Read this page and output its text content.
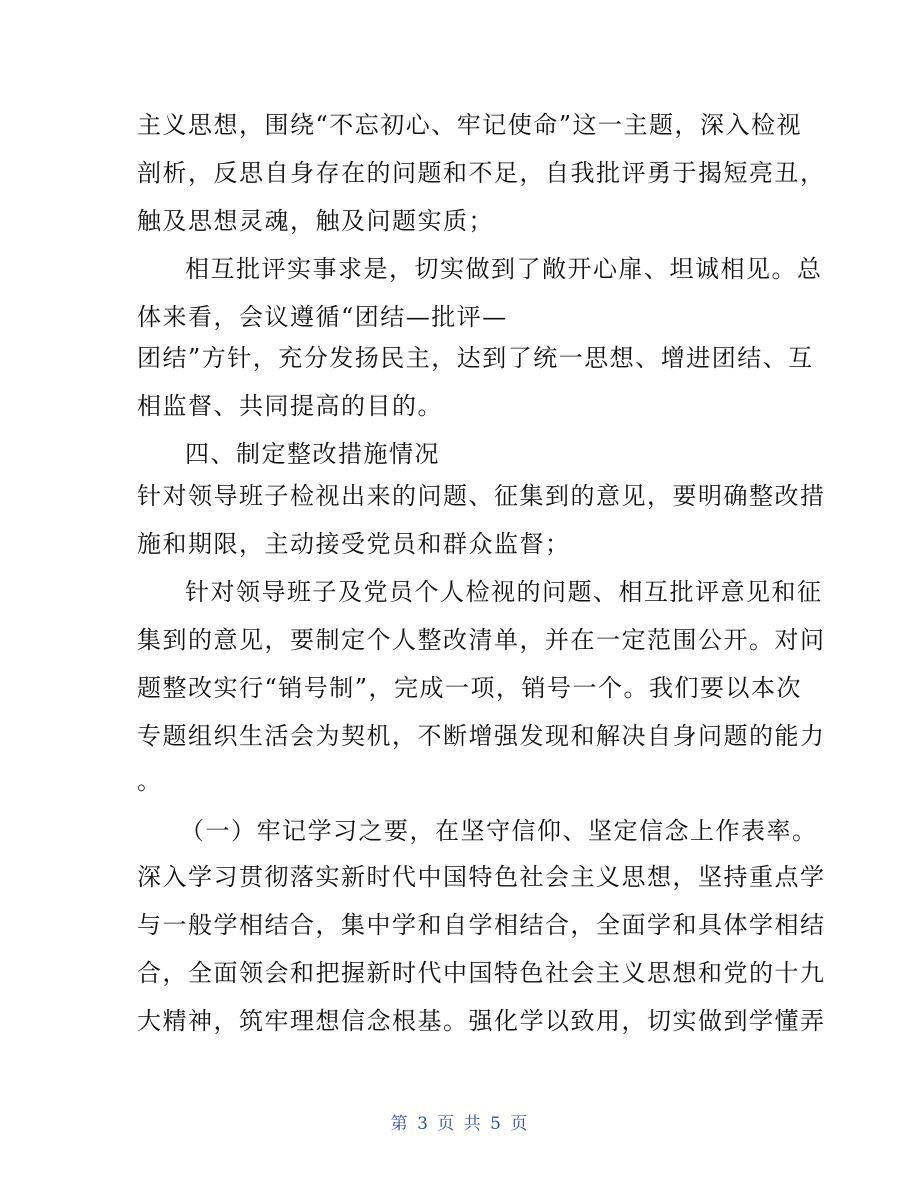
主义思想，围绕“不忘初心、牢记使命”这一主题，深入检视
剖析，反思自身存在的问题和不足，自我批评勇于揭短亮丑，
触及思想灵魂，触及问题实质；
相互批评实事求是，切实做到了敞开心扉、坦诚相见。总
体来看，会议遵循“团结—批评—
团结”方针，充分发扬民主，达到了统一思想、增进团结、互
相监督、共同提高的目的。
四、制定整改措施情况
针对领导班子检视出来的问题、征集到的意见，要明确整改措
施和期限，主动接受党员和群众监督；
针对领导班子及党员个人检视的问题、相互批评意见和征
集到的意见，要制定个人整改清单，并在一定范围公开。对问
题整改实行“销号制”，完成一项，销号一个。我们要以本次
专题组织生活会为契机，不断增强发现和解决自身问题的能力
。
（一）牢记学习之要，在坚守信仰、坚定信念上作表率。
深入学习贯彻落实新时代中国特色社会主义思想，坚持重点学
与一般学相结合，集中学和自学相结合，全面学和具体学相结
合，全面领会和把握新时代中国特色社会主义思想和党的十九
大精神，筑牢理想信念根基。强化学以致用，切实做到学懂弄
第 3 页 共 5 页
